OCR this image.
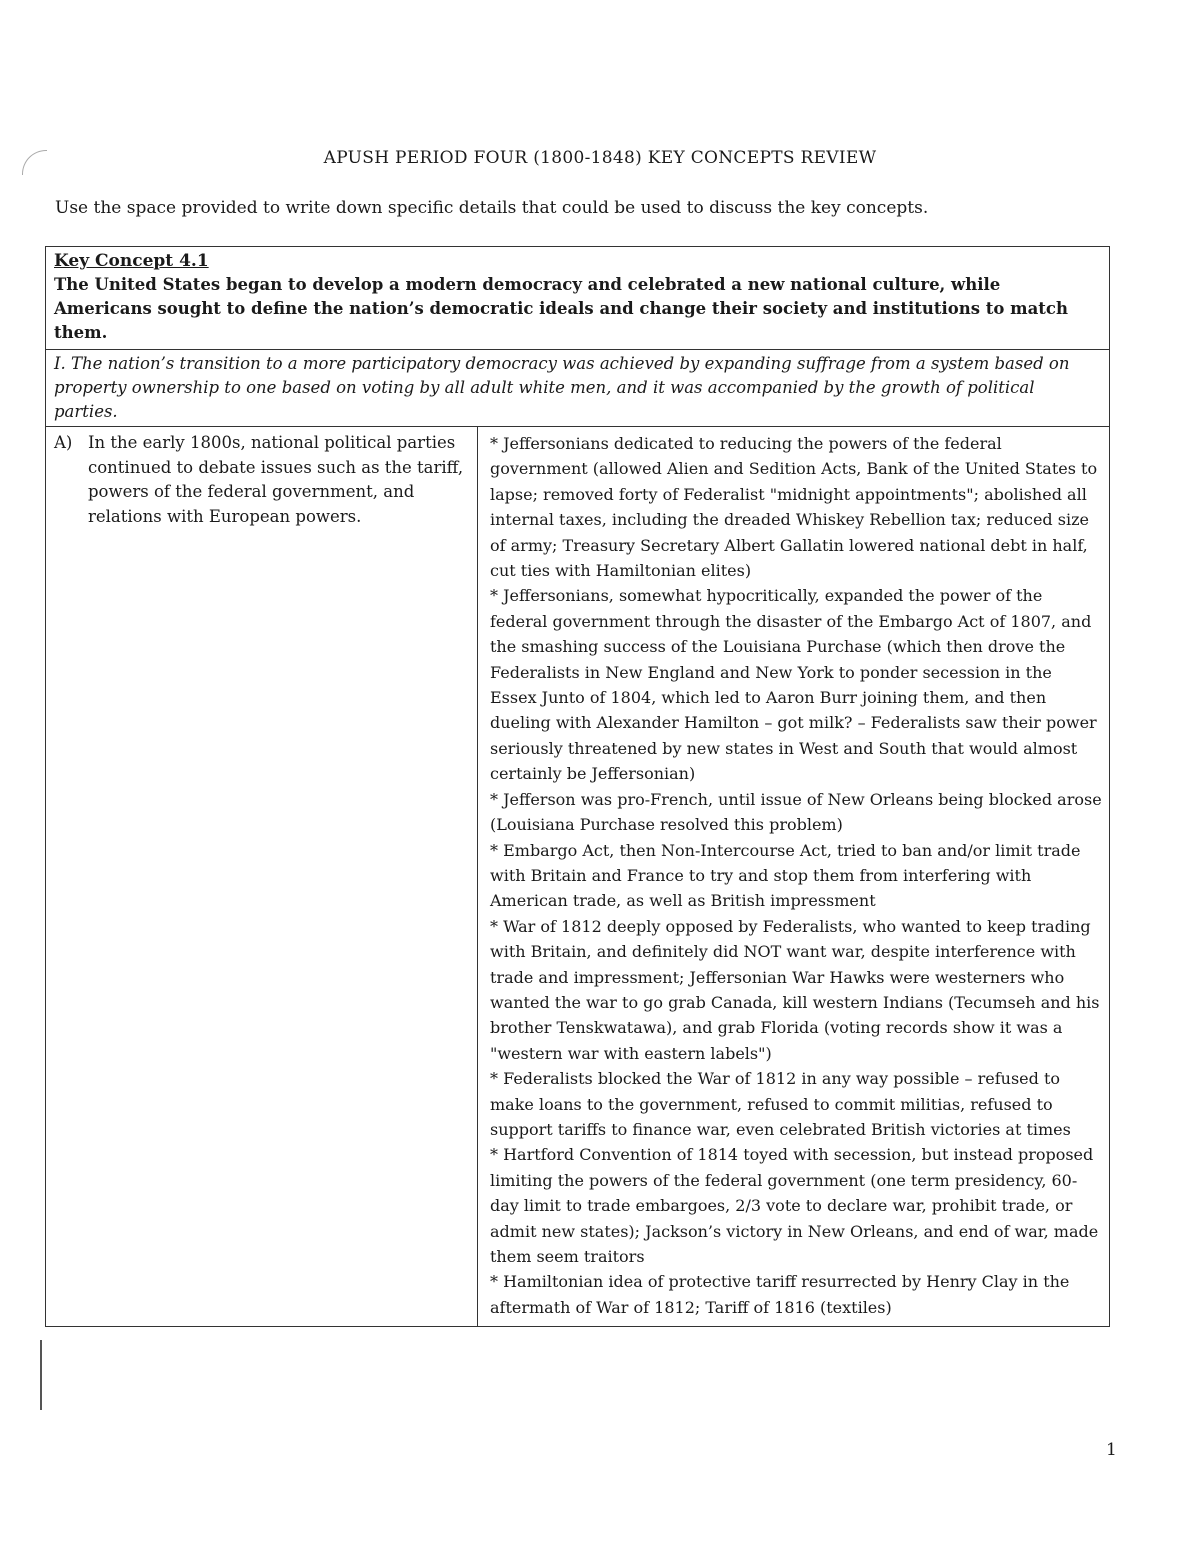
APUSH PERIOD FOUR (1800-1848) KEY CONCEPTS REVIEW
Use the space provided to write down specific details that could be used to discuss the key concepts.
Key Concept 4.1
The United States began to develop a modern democracy and celebrated a new national culture, while Americans sought to define the nation’s democratic ideals and change their society and institutions to match them.
I. The nation’s transition to a more participatory democracy was achieved by expanding suffrage from a system based on property ownership to one based on voting by all adult white men, and it was accompanied by the growth of political parties.
A) In the early 1800s, national political parties continued to debate issues such as the tariff, powers of the federal government, and relations with European powers.

* Jeffersonians dedicated to reducing the powers of the federal government (allowed Alien and Sedition Acts, Bank of the United States to lapse; removed forty of Federalist "midnight appointments"; abolished all internal taxes, including the dreaded Whiskey Rebellion tax; reduced size of army; Treasury Secretary Albert Gallatin lowered national debt in half, cut ties with Hamiltonian elites)

* Jeffersonians, somewhat hypocritically, expanded the power of the federal government through the disaster of the Embargo Act of 1807, and the smashing success of the Louisiana Purchase (which then drove the Federalists in New England and New York to ponder secession in the Essex Junto of 1804, which led to Aaron Burr joining them, and then dueling with Alexander Hamilton – got milk? – Federalists saw their power seriously threatened by new states in West and South that would almost certainly be Jeffersonian)

* Jefferson was pro-French, until issue of New Orleans being blocked arose (Louisiana Purchase resolved this problem)

* Embargo Act, then Non-Intercourse Act, tried to ban and/or limit trade with Britain and France to try and stop them from interfering with American trade, as well as British impressment

* War of 1812 deeply opposed by Federalists, who wanted to keep trading with Britain, and definitely did NOT want war, despite interference with trade and impressment; Jeffersonian War Hawks were westerners who wanted the war to go grab Canada, kill western Indians (Tecumseh and his brother Tenskwatawa), and grab Florida (voting records show it was a "western war with eastern labels")

* Federalists blocked the War of 1812 in any way possible – refused to make loans to the government, refused to commit militias, refused to support tariffs to finance war, even celebrated British victories at times

* Hartford Convention of 1814 toyed with secession, but instead proposed limiting the powers of the federal government (one term presidency, 60-day limit to trade embargoes, 2/3 vote to declare war, prohibit trade, or admit new states); Jackson’s victory in New Orleans, and end of war, made them seem traitors

* Hamiltonian idea of protective tariff resurrected by Henry Clay in the aftermath of War of 1812; Tariff of 1816 (textiles)

1
